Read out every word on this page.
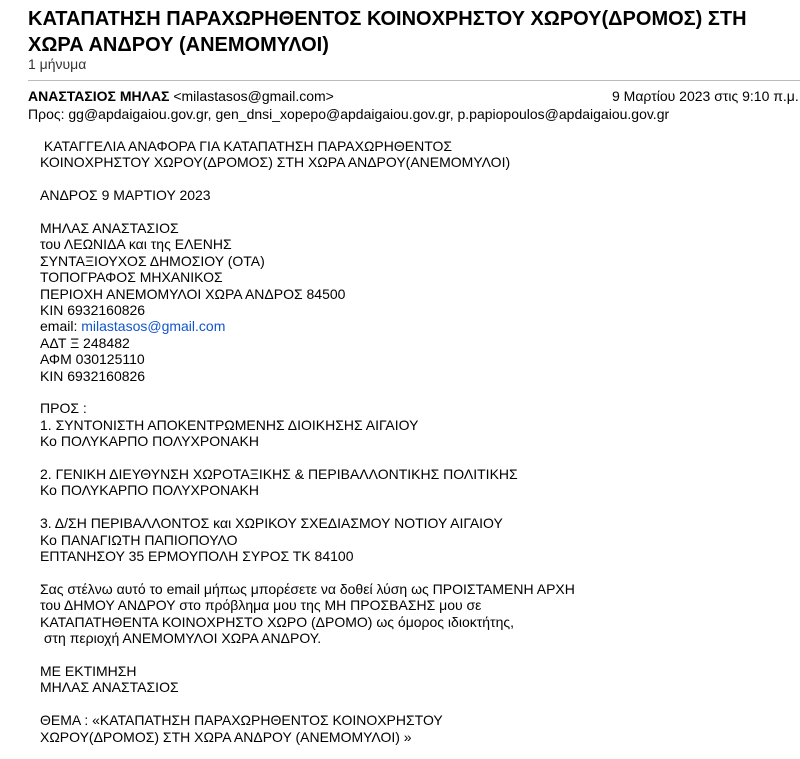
ΚΑΤΑΠΑΤΗΣΗ ΠΑΡΑΧΩΡΗΘΕΝΤΟΣ ΚΟΙΝΟΧΡΗΣΤΟΥ ΧΩΡΟΥ(ΔΡΟΜΟΣ) ΣΤΗ ΧΩΡΑ ΑΝΔΡΟΥ (ΑΝΕΜΟΜΥΛΟΙ)
1 μήνυμα
ΑΝΑΣΤΑΣΙΟΣ ΜΗΛΑΣ <milastasos@gmail.com>	9 Μαρτίου 2023 στις 9:10 π.μ.
Προς: gg@apdaigaiou.gov.gr, gen_dnsi_xopepo@apdaigaiou.gov.gr, p.papiopoulos@apdaigaiou.gov.gr
ΚΑΤΑΓΓΕΛΙΑ ΑΝΑΦΟΡΑ ΓΙΑ ΚΑΤΑΠΑΤΗΣΗ ΠΑΡΑΧΩΡΗΘΕΝΤΟΣ
ΚΟΙΝΟΧΡΗΣΤΟΥ ΧΩΡΟΥ(ΔΡΟΜΟΣ) ΣΤΗ ΧΩΡΑ ΑΝΔΡΟΥ(ΑΝΕΜΟΜΥΛΟΙ)
ΑΝΔΡΟΣ 9 ΜΑΡΤΙΟΥ 2023
ΜΗΛΑΣ ΑΝΑΣΤΑΣΙΟΣ
του ΛΕΩΝΙΔΑ και της ΕΛΕΝΗΣ
ΣΥΝΤΑΞΙΟΥΧΟΣ ΔΗΜΟΣΙΟΥ (ΟΤΑ)
ΤΟΠΟΓΡΑΦΟΣ ΜΗΧΑΝΙΚΟΣ
ΠΕΡΙΟΧΗ ΑΝΕΜΟΜΥΛΟΙ ΧΩΡΑ ΑΝΔΡΟΣ 84500
ΚΙΝ 6932160826
email: milastasos@gmail.com
ΑΔΤ Ξ 248482
ΑΦΜ 030125110
ΚΙΝ 6932160826
ΠΡΟΣ :
1. ΣΥΝΤΟΝΙΣΤΗ ΑΠΟΚΕΝΤΡΩΜΕΝΗΣ ΔΙΟΙΚΗΣΗΣ ΑΙΓΑΙΟΥ
Κο ΠΟΛΥΚΑΡΠΟ ΠΟΛΥΧΡΟΝΑΚΗ
2. ΓΕΝΙΚΗ ΔΙΕΥΘΥΝΣΗ ΧΩΡΟΤΑΞΙΚΗΣ & ΠΕΡΙΒΑΛΛΟΝΤΙΚΗΣ ΠΟΛΙΤΙΚΗΣ
Κο ΠΟΛΥΚΑΡΠΟ ΠΟΛΥΧΡΟΝΑΚΗ
3. Δ/ΣΗ ΠΕΡΙΒΑΛΛΟΝΤΟΣ και ΧΩΡΙΚΟΥ ΣΧΕΔΙΑΣΜΟΥ ΝΟΤΙΟΥ ΑΙΓΑΙΟΥ
Κο ΠΑΝΑΓΙΩΤΗ ΠΑΠΙΟΠΟΥΛΟ
ΕΠΤΑΝΗΣΟΥ 35 ΕΡΜΟΥΠΟΛΗ ΣΥΡΟΣ ΤΚ 84100
Σας στέλνω αυτό το email μήπως μπορέσετε να δοθεί λύση ως ΠΡΟΙΣΤΑΜΕΝΗ ΑΡΧΗ
του ΔΗΜΟΥ ΑΝΔΡΟΥ στο πρόβλημα μου της ΜΗ ΠΡΟΣΒΑΣΗΣ μου σε
ΚΑΤΑΠΑΤΗΘΕΝΤΑ ΚΟΙΝΟΧΡΗΣΤΟ ΧΩΡΟ (ΔΡΟΜΟ) ως όμορος ιδιοκτήτης,
στη περιοχή ΑΝΕΜΟΜΥΛΟΙ ΧΩΡΑ ΑΝΔΡΟΥ.
ΜΕ ΕΚΤΙΜΗΣΗ
ΜΗΛΑΣ ΑΝΑΣΤΑΣΙΟΣ
ΘΕΜΑ : «ΚΑΤΑΠΑΤΗΣΗ ΠΑΡΑΧΩΡΗΘΕΝΤΟΣ ΚΟΙΝΟΧΡΗΣΤΟΥ
ΧΩΡΟΥ(ΔΡΟΜΟΣ) ΣΤΗ ΧΩΡΑ ΑΝΔΡΟΥ (ΑΝΕΜΟΜΥΛΟΙ) »
